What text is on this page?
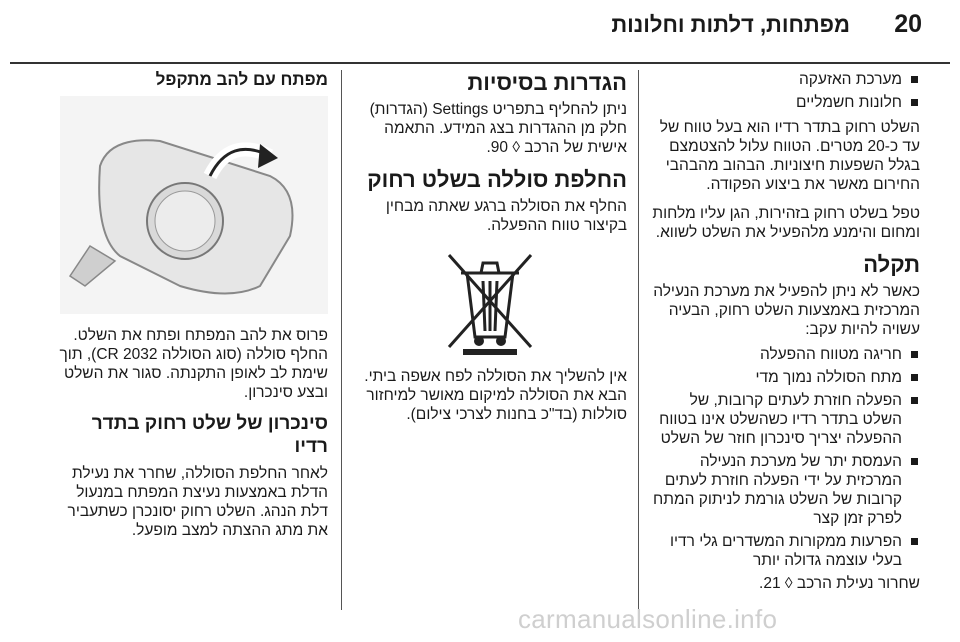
20
מפתחות, דלתות וחלונות
מערכת האזעקה
חלונות חשמליים

השלט רחוק בתדר רדיו הוא בעל טווח של עד כ-20 מטרים. הטווח עלול להצטמצם בגלל השפעות חיצוניות. הבהוב מהבהבי החירום מאשר את ביצוע הפקודה.

טפל בשלט רחוק בזהירות, הגן עליו מלחות ומחום והימנע מלהפעיל את השלט לשווא.

תקלה

כאשר לא ניתן להפעיל את מערכת הנעילה המרכזית באמצעות השלט רחוק, הבעיה עשויה להיות עקב:

חריגה מטווח ההפעלה
מתח הסוללה נמוך מדי
הפעלה חוזרת לעתים קרובות, של השלט בתדר רדיו כשהשלט אינו בטווח ההפעלה יצריך סינכרון חוזר של השלט
העמסת יתר של מערכת הנעילה המרכזית על ידי הפעלה חוזרת לעתים קרובות של השלט גורמת לניתוק המתח לפרק זמן קצר
הפרעות ממקורות המשדרים גלי רדיו בעלי עוצמה גדולה יותר

שחרור נעילת הרכב ◊ 21.

הגדרות בסיסיות

ניתן להחליף בתפריט Settings (הגדרות) חלק מן ההגדרות בצג המידע. התאמה אישית של הרכב ◊ 90.

החלפת סוללה בשלט רחוק

החלף את הסוללה ברגע שאתה מבחין בקיצור טווח ההפעלה.

אין להשליך את הסוללה לפח אשפה ביתי. הבא את הסוללה למיקום מאושר למיחזור סוללות (בד"כ בחנות לצרכי צילום).

מפתח עם להב מתקפל

פרוס את להב המפתח ופתח את השלט. החלף סוללה (סוג הסוללה CR 2032), תוך שימת לב לאופן התקנתה. סגור את השלט ובצע סינכרון.

סינכרון של שלט רחוק בתדר רדיו

לאחר החלפת הסוללה, שחרר את נעילת הדלת באמצעות נעיצת המפתח במנעול דלת הנהג. השלט רחוק יסונכרן כשתעביר את מתג ההצתה למצב מופעל.

carmanualsonline.info
